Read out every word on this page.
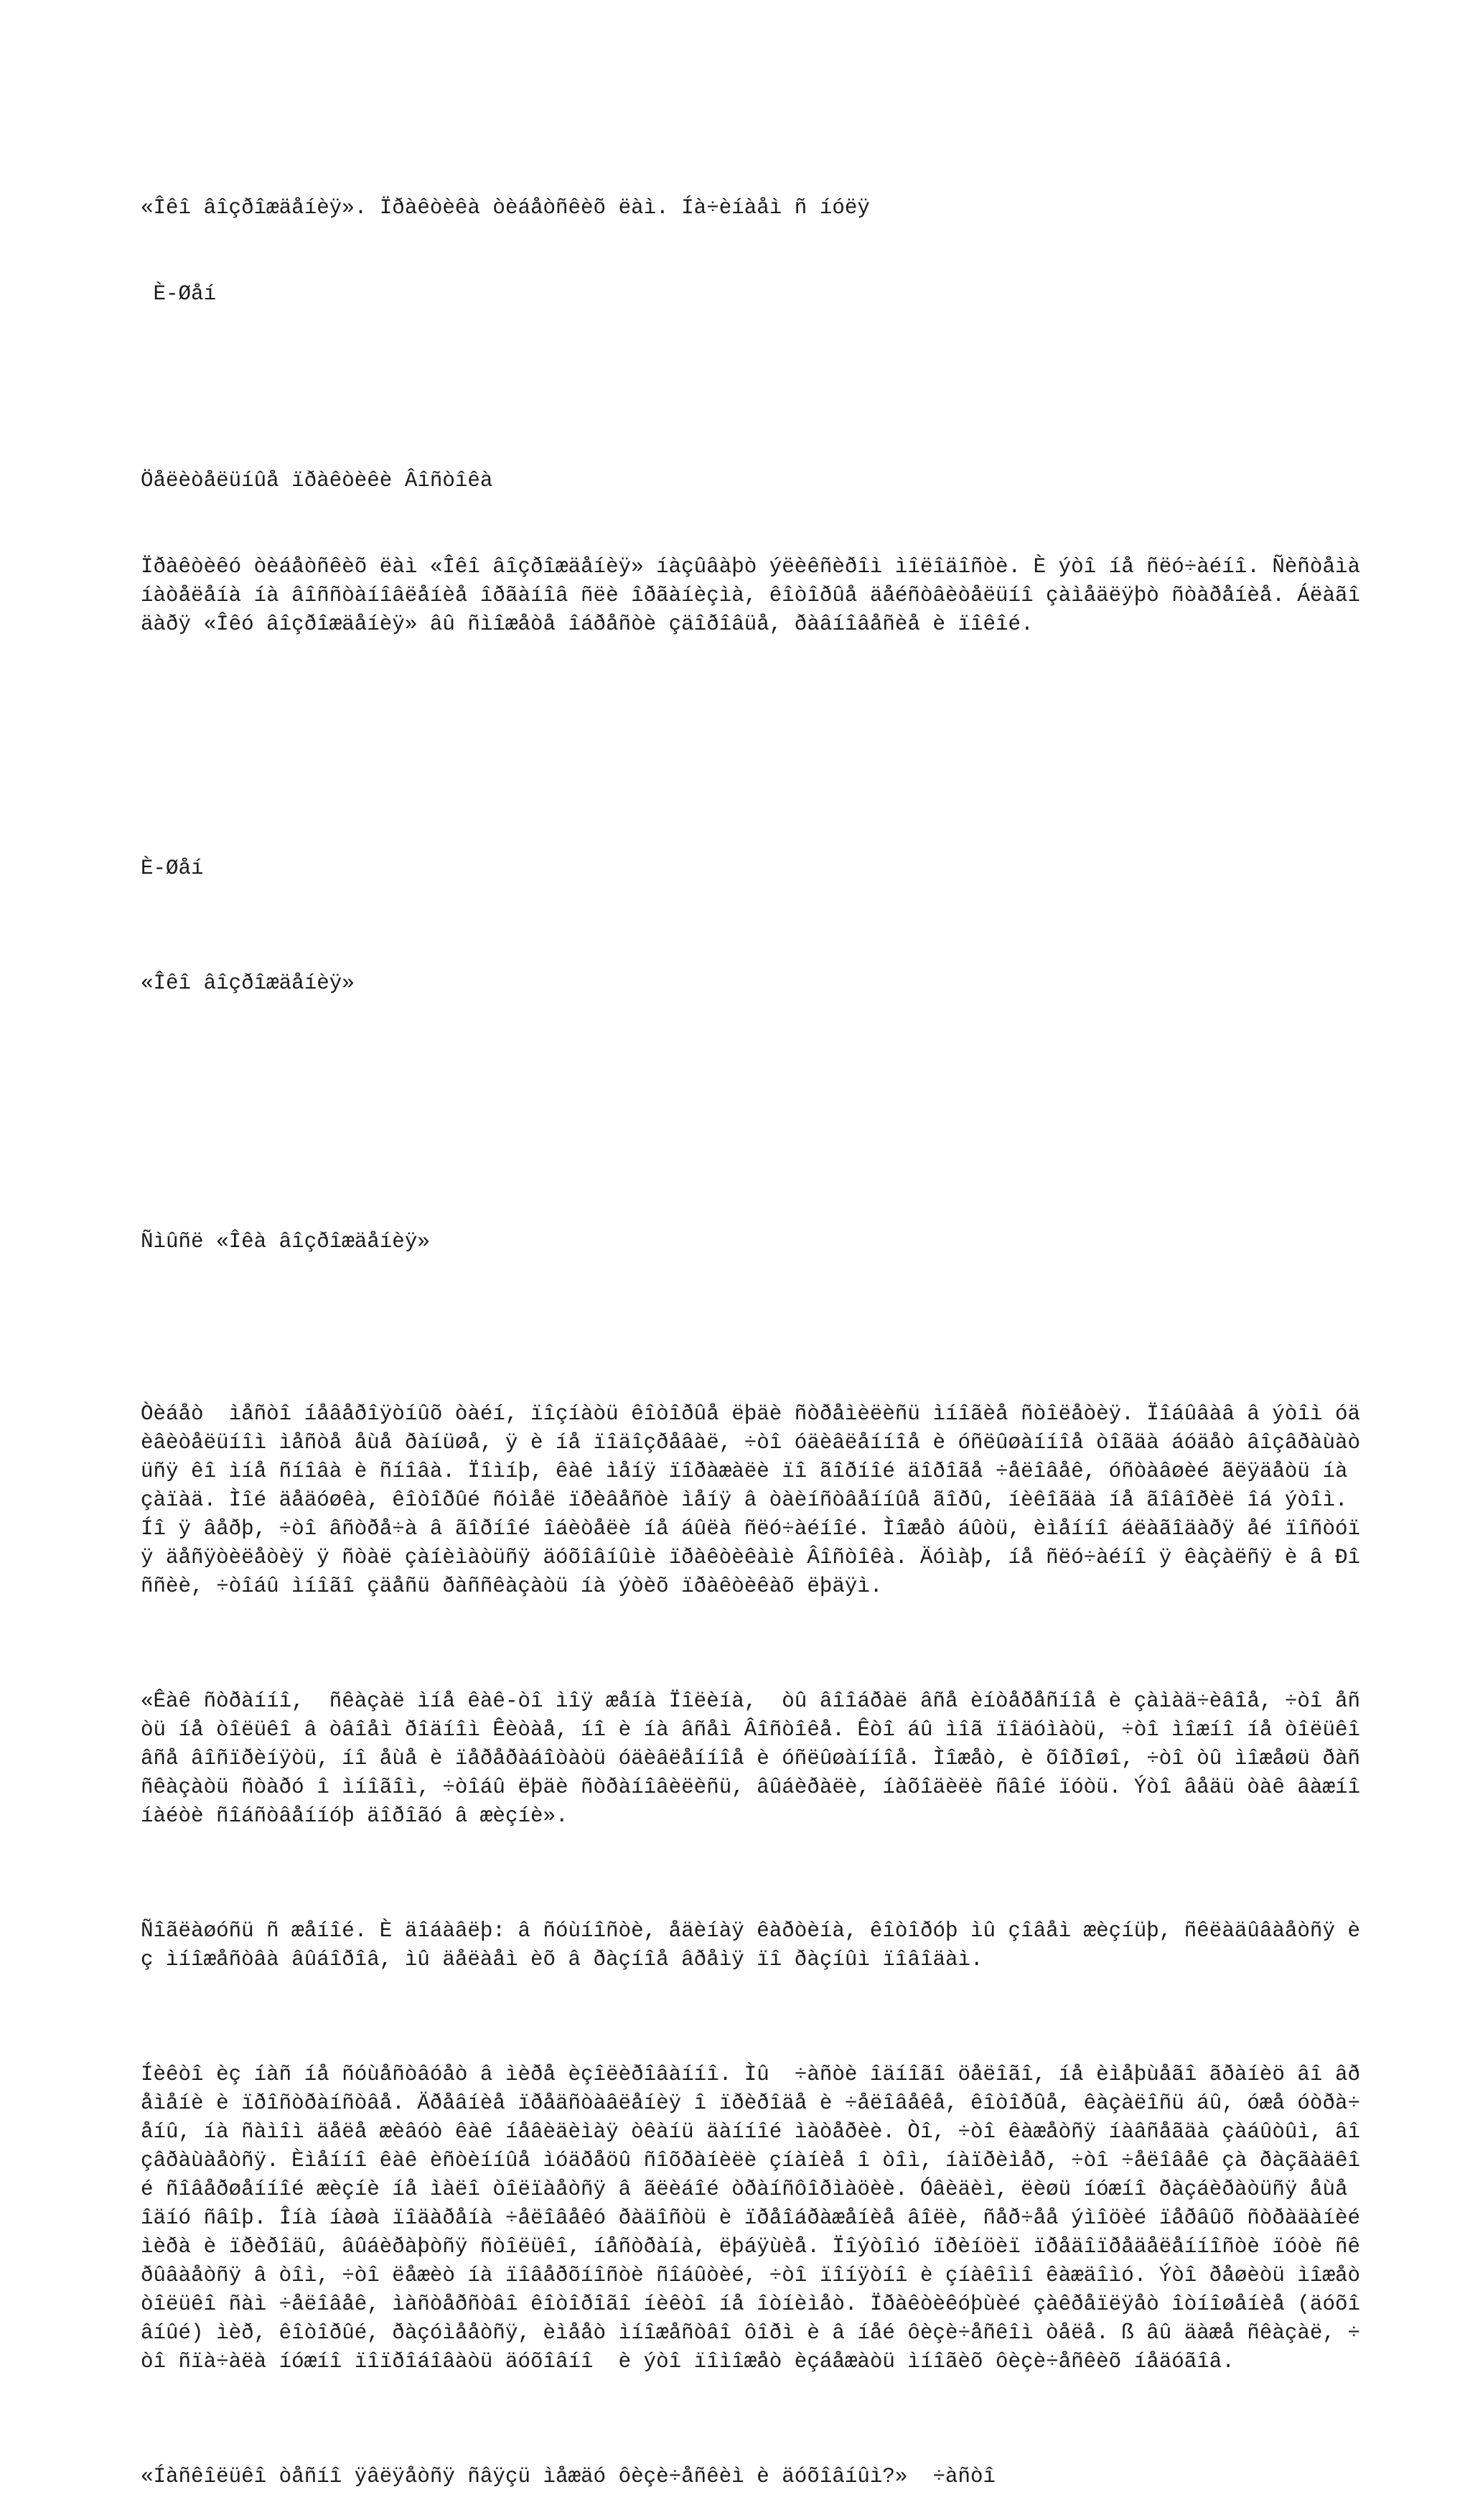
«Îêî âîçðîæäåíèÿ». Ïðàêòèêà òèáåòñêèõ ëàì. Íà÷èíàåì ñ íóëÿ

È-Øåí

Öåëèòåëüíûå ïðàêòèêè Âîñòîêà

Ïðàêòèêó òèáåòñêèõ ëàì «Îêî âîçðîæäåíèÿ» íàçûâàþò ýëèêñèðîì ìîëîäîñòè. È ýòî íå ñëó÷àéíî. Ñèñòåìà íàòåëåíà íà âîññòàíîâëåíèå îðãàíîâ ñëè îðãàíèçìà, êîòîðûå äåéñòâèòåëüíî çàìåäëÿþò ñòàðåíèå. Áëàãîäàðÿ «Îêó âîçðîæäåíèÿ» âû ñìîæåòå îáðåñòè çäîðîâüå, ðàâíîâåñèå è ïîêîé.

È-Øåí

«Îêî âîçðîæäåíèÿ»

Ñìûñë «Îêà âîçðîæäåíèÿ»

Òèáåò  ìåñòî íåâåðîÿòíûõ òàéí, ïîçíàòü êîòîðûå ëþäè ñòðåìèëèñü ìíîãèå ñòîëåòèÿ. Ïîáûâàâ â ýòîì óäèâèòåëüíîì ìåñòå åùå ðàíüøå, ÿ è íå ïîäîçðåâàë, ÷òî óäèâëåííîå è óñëûøàííîå òîãäà áóäåò âîçâðàùàòüñÿ êî ìíå ñíîâà è ñíîâà. Ïîìíþ, êàê ìåíÿ ïîðàæàëè ïî ãîðíîé äîðîãå ÷åëîâåê, óñòàâøèé ãëÿäåòü íà çàïàä. Ìîé äåäóøêà, êîòîðûé ñóìåë ïðèâåñòè ìåíÿ â òàèíñòâåííûå ãîðû, íèêîãäà íå ãîâîðèë îá ýòîì. Íî ÿ âåðþ, ÷òî âñòðå÷à â ãîðíîé îáèòåëè íå áûëà ñëó÷àéíîé. Ìîæåò áûòü, èìåííî áëàãîäàðÿ åé ïîñòóïÿ äåñÿòèëåòèÿ ÿ ñòàë çàíèìàòüñÿ äóõîâíûìè ïðàêòèêàìè Âîñòîêà. Äóìàþ, íå ñëó÷àéíî ÿ êàçàëñÿ è â Ðîññèè, ÷òîáû ìíîãî çäåñü ðàññêàçàòü íà ýòèõ ïðàêòèêàõ ëþäÿì.

«Êàê ñòðàííî,  ñêàçàë ìíå êàê-òî ìîÿ æåíà Ïîëèíà,  òû âîîáðàë âñå èíòåðåñíîå è çàìàä÷èâîå, ÷òî åñòü íå òîëüêî â òâîåì ðîäíîì Êèòàå, íî è íà âñåì Âîñòîêå. Êòî áû ìîã ïîäóìàòü, ÷òî ìîæíî íå òîëüêî âñå âîñïðèíÿòü, íî åùå è ïåðåðàáîòàòü óäèâëåííîå è óñëûøàííîå. Ìîæåò, è õîðîøî, ÷òî òû ìîæåøü ðàññêàçàòü ñòàðó î ìíîãîì, ÷òîáû ëþäè ñòðàíîâèëèñü, âûáèðàëè, íàõîäèëè ñâîé ïóòü. Ýòî âåäü òàê âàæíî  íàéòè ñîáñòâåííóþ äîðîãó â æèçíè».

Ñîãëàøóñü ñ æåíîé. È äîáàâëþ: â ñóùíîñòè, åäèíàÿ êàðòèíà, êîòîðóþ ìû çîâåì æèçíüþ, ñêëàäûâàåòñÿ èç ìíîæåñòâà âûáîðîâ, ìû äåëàåì èõ â ðàçíîå âðåìÿ ïî ðàçíûì ïîâîäàì.

Íèêòî èç íàñ íå ñóùåñòâóåò â ìèðå èçîëèðîâàííî. Ìû  ÷àñòè îäíîãî öåëîãî, íå èìåþùåãî ãðàíèö âî âðåìåíè è ïðîñòðàíñòâå. Äðåâíèå ïðåäñòàâëåíèÿ î ïðèðîäå è ÷åëîâåêå, êîòîðûå, êàçàëîñü áû, óæå óòðà÷åíû, íà ñàìîì äåëå æèâóò êàê íåâèäèìàÿ òêàíü äàííîé ìàòåðèè. Òî, ÷òî êàæåòñÿ íàâñåãäà çàáûòûì, âîçâðàùàåòñÿ. Èìåííî êàê èñòèííûå ìóäðåöû ñîõðàíèëè çíàíèå î òîì, íàïðèìåð, ÷òî ÷åëîâåê çà ðàçãàäêîé ñîâåðøåííîé æèçíè íå ìàëî òîëïàåòñÿ â ãëèáîé òðàíñôîðìàöèè. Óâèäèì, ëèøü íóæíî ðàçáèðàòüñÿ åùå îäíó ñâîþ. Îíà íàøà ïîäàðåíà ÷åëîâåêó ðàäîñòü è ïðåîáðàæåíèå âîëè, ñåð÷åå ýìîöèé ïåðâûõ ñòðàäàíèé ìèðà è ïðèðîäû, âûáèðàþòñÿ ñòîëüêî, íåñòðàíà, ëþáÿùèå. Ïîýòîìó ïðèíöèï ïðåäîïðåäåëåííîñòè ïóòè ñêðûâàåòñÿ â òîì, ÷òî ëåæèò íà ïîâåðõíîñòè ñîáûòèé, ÷òî ïîíÿòíî è çíàêîìî êàæäîìó. Ýòî ðåøèòü ìîæåò òîëüêî ñàì ÷åëîâåê, ìàñòåðñòâî êîòîðîãî íèêòî íå îòíèìåò. Ïðàêòèêóþùèé çàêðåïëÿåò îòíîøåíèå (äóõîâíûé) ìèð, êîòîðûé, ðàçóìååòñÿ, èìååò ìíîæåñòâî ôîðì è â íåé ôèçè÷åñêîì òåëå. ß âû äàæå ñêàçàë, ÷òî ñïà÷àëà íóæíî ïîïðîáîâàòü äóõîâíî  è ýòî ïîìîæåò èçáåæàòü ìíîãèõ ôèçè÷åñêèõ íåäóãîâ.

«Íàñêîëüêî òåñíî ÿâëÿåòñÿ ñâÿçü ìåæäó ôèçè÷åñêèì è äóõîâíûì?»  ÷àñòî
